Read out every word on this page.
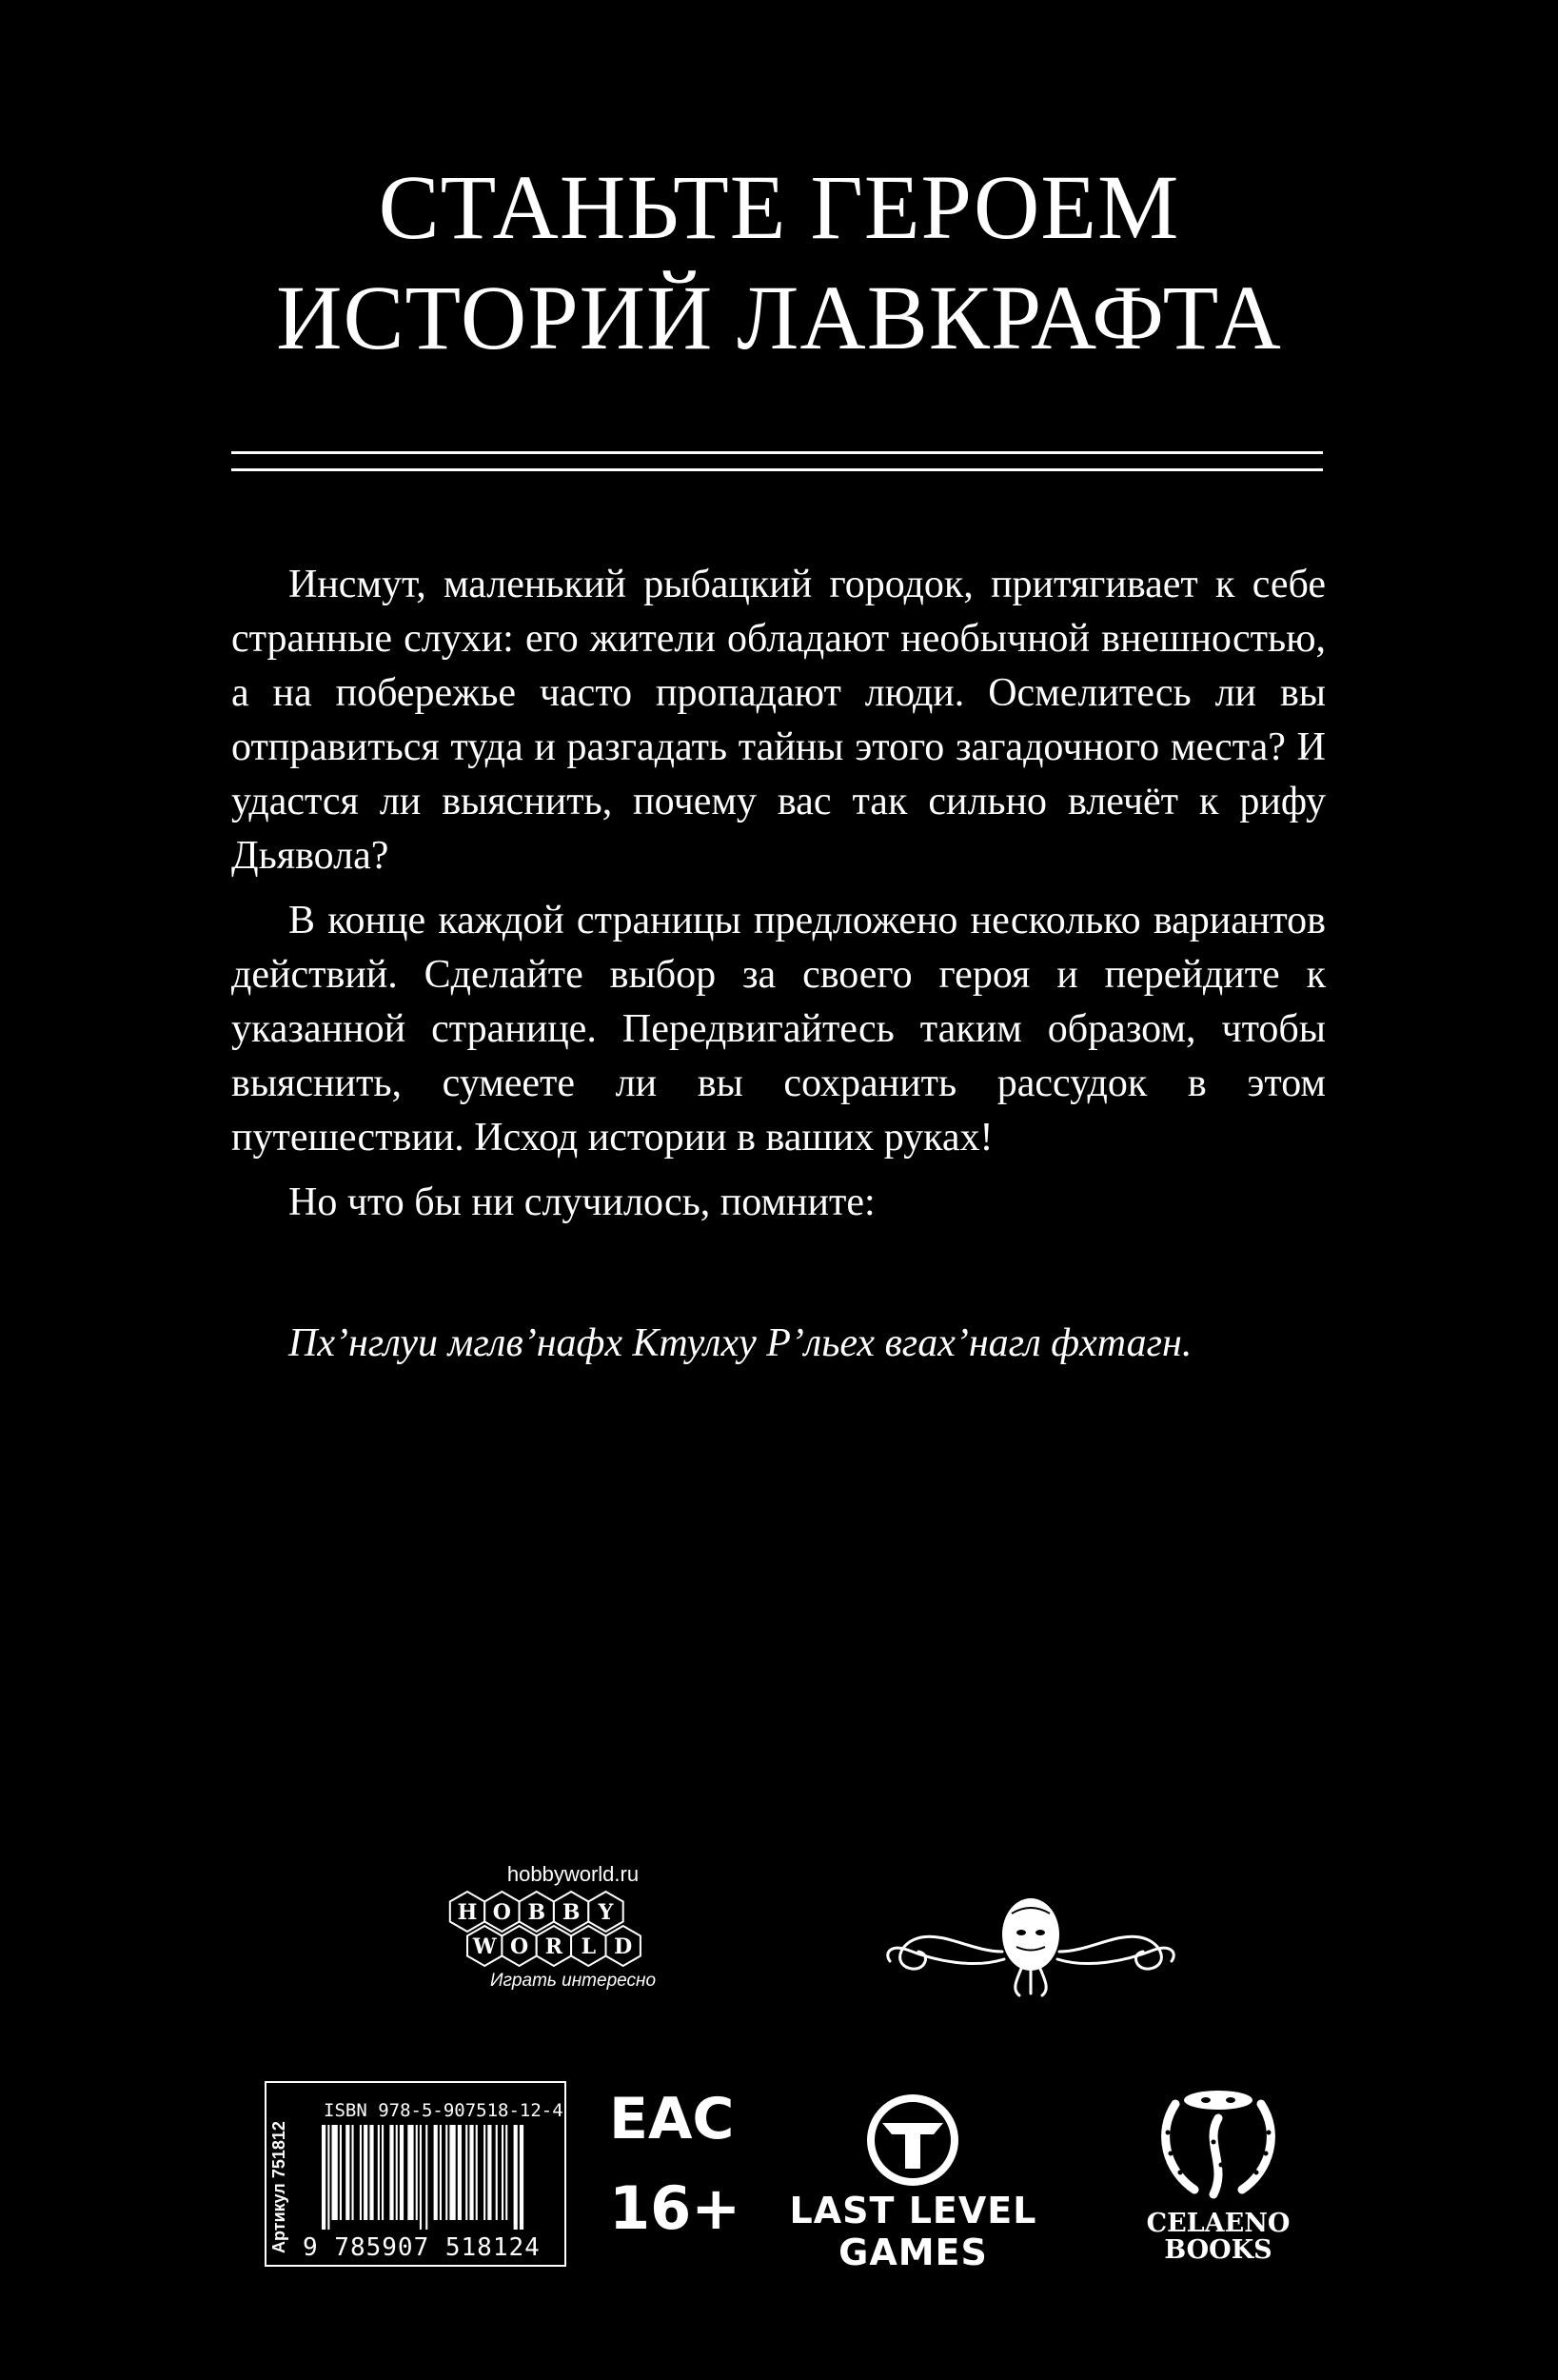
СТАНЬТЕ ГЕРОЕМ
ИСТОРИЙ ЛАВКРАФТА

Инсмут, маленький рыбацкий городок, притягивает к себе странные слухи: его жители обладают необычной внешностью, а на побережье часто пропадают люди. Осмелитесь ли вы отправиться туда и разгадать тайны этого загадочного места? И удастся ли выяснить, почему вас так сильно влечёт к рифу Дьявола?

В конце каждой страницы предложено несколько вариантов действий. Сделайте выбор за своего героя и перейдите к указанной странице. Передвигайтесь таким образом, чтобы выяснить, сумеете ли вы сохранить рассудок в этом путешествии. Исход истории в ваших руках!

Но что бы ни случилось, помните:

Пх’нглуи мглв’нафх Ктулху Р’льех вгах’нагл фхтагн.
hobbyworld.ru
H O B B Y
W O R L D
Играть интересно
Артикул 751812
ISBN 978-5-907518-12-4
9 785907 518124
ЕАС
16+	LAST LEVEL
GAMES
CELAENO
BOOKS
